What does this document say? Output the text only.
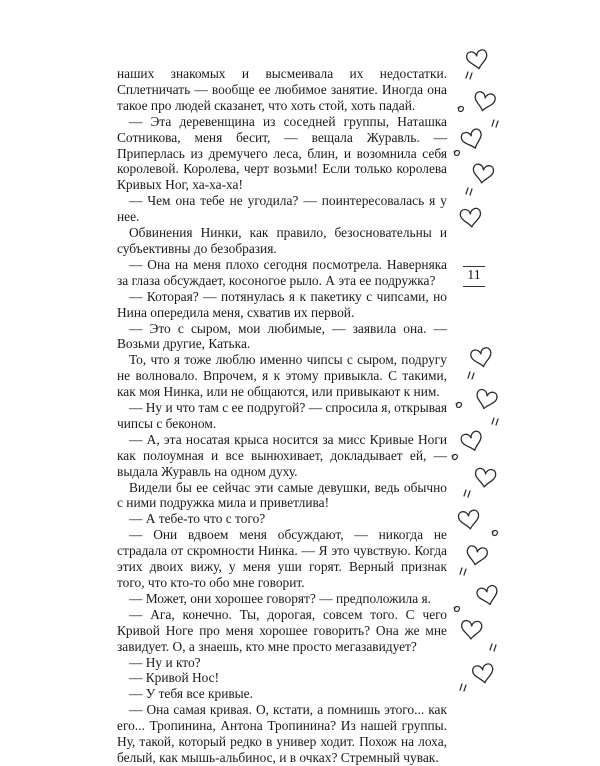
наших знакомых и высмеивала их недостатки. Сплетничать — вообще ее любимое занятие. Иногда она такое про людей сказанет, что хоть стой, хоть падай.

— Эта деревенщина из соседней группы, Наташка Сотникова, меня бесит, — вещала Журавль. — Приперлась из дремучего леса, блин, и возомнила себя королевой. Королева, черт возьми! Если только королева Кривых Ног, ха-ха-ха!

— Чем она тебе не угодила? — поинтересовалась я у нее.

Обвинения Нинки, как правило, безосновательны и субъективны до безобразия.

— Она на меня плохо сегодня посмотрела. Наверняка за глаза обсуждает, косоногое рыло. А эта ее подружка?

— Которая? — потянулась я к пакетику с чипсами, но Нина опередила меня, схватив их первой.

— Это с сыром, мои любимые, — заявила она. — Возьми другие, Катька.

То, что я тоже люблю именно чипсы с сыром, подругу не волновало. Впрочем, я к этому привыкла. С такими, как моя Нинка, или не общаются, или привыкают к ним.

— Ну и что там с ее подругой? — спросила я, открывая чипсы с беконом.

— А, эта носатая крыса носится за мисс Кривые Ноги как полоумная и все вынюхивает, докладывает ей, — выдала Журавль на одном духу.

Видели бы ее сейчас эти самые девушки, ведь обычно с ними подружка мила и приветлива!

— А тебе-то что с того?

— Они вдвоем меня обсуждают, — никогда не страдала от скромности Нинка. — Я это чувствую. Когда этих двоих вижу, у меня уши горят. Верный признак того, что кто-то обо мне говорит.

— Может, они хорошее говорят? — предположила я.

— Ага, конечно. Ты, дорогая, совсем того. С чего Кривой Ноге про меня хорошее говорить? Она же мне завидует. О, а знаешь, кто мне просто мегазавидует?

— Ну и кто?

— Кривой Нос!

— У тебя все кривые.

— Она самая кривая. О, кстати, а помнишь этого... как его... Тропинина, Антона Тропинина? Из нашей группы. Ну, такой, который редко в универ ходит. Похож на лоха, белый, как мышь-альбинос, и в очках? Стремный чувак.

11
